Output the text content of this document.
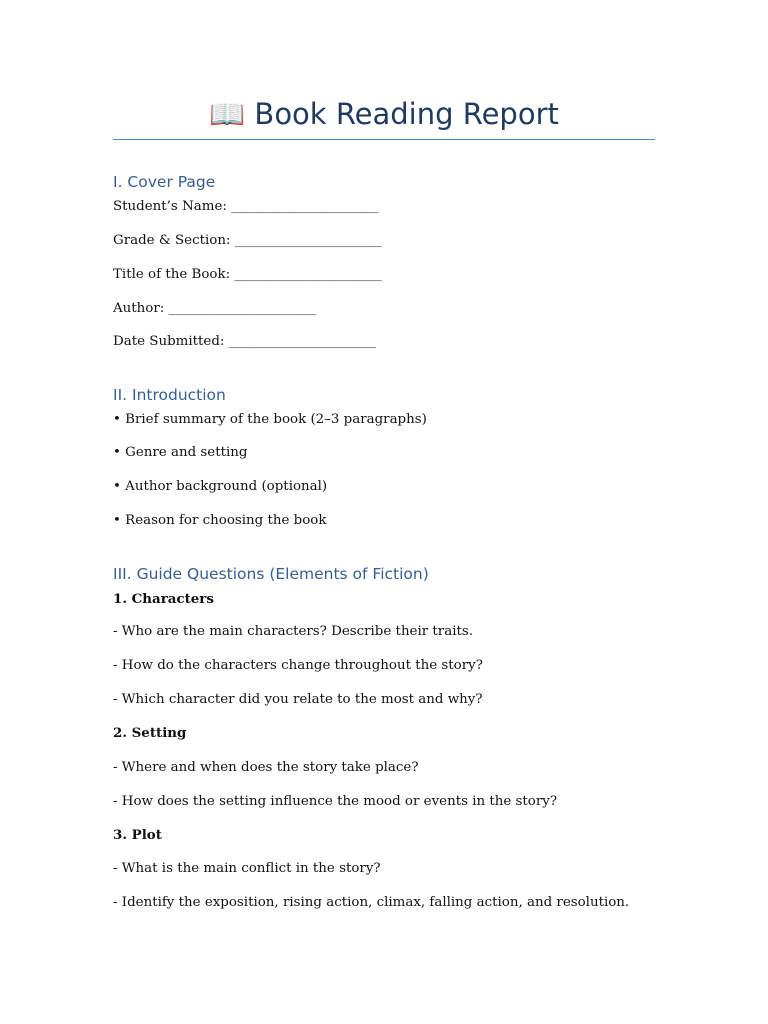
📖 Book Reading Report
I. Cover Page
Student’s Name: ______________________
Grade & Section: ______________________
Title of the Book: ______________________
Author: ______________________
Date Submitted: ______________________
II. Introduction
• Brief summary of the book (2–3 paragraphs)
• Genre and setting
• Author background (optional)
• Reason for choosing the book
III. Guide Questions (Elements of Fiction)
1. Characters
- Who are the main characters? Describe their traits.
- How do the characters change throughout the story?
- Which character did you relate to the most and why?
2. Setting
- Where and when does the story take place?
- How does the setting influence the mood or events in the story?
3. Plot
- What is the main conflict in the story?
- Identify the exposition, rising action, climax, falling action, and resolution.
